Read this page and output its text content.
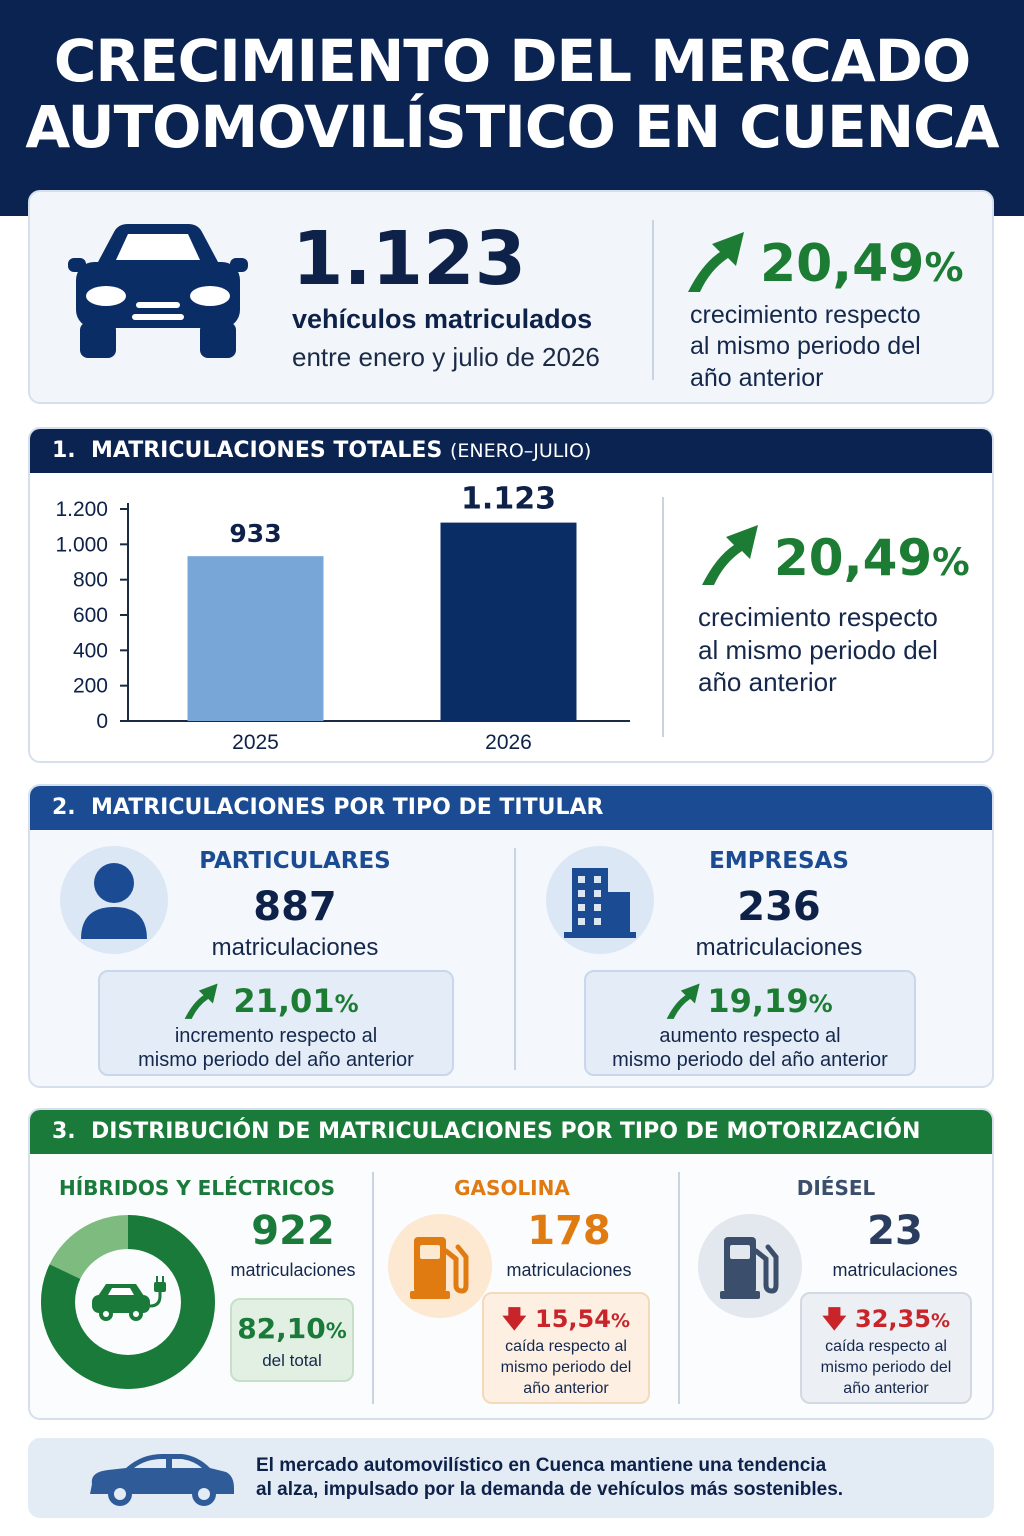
CRECIMIENTO DEL MERCADO
AUTOMOVILÍSTICO EN CUENCA
1.123
vehículos matriculados
entre enero y julio de 2026
20,49%
crecimiento respecto
al mismo periodo del
año anterior
1. MATRICULACIONES TOTALES (ENERO–JULIO)
0
200
400
600
800
1.000
1.200
933
2025
1.123
2026
20,49%
crecimiento respecto
al mismo periodo del
año anterior
2. MATRICULACIONES POR TIPO DE TITULAR
PARTICULARES
887
matriculaciones
21,01%
incremento respecto al
mismo periodo del año anterior
EMPRESAS
236
matriculaciones
19,19%
aumento respecto al
mismo periodo del año anterior
3. DISTRIBUCIÓN DE MATRICULACIONES POR TIPO DE MOTORIZACIÓN
HÍBRIDOS Y ELÉCTRICOS
922
matriculaciones
82,10%
del total
GASOLINA
178
matriculaciones
🡇 15,54%
caída respecto al
mismo periodo del
año anterior
DIÉSEL
23
matriculaciones
🡇 32,35%
caída respecto al
mismo periodo del
año anterior
El mercado automovilístico en Cuenca mantiene una tendencia
al alza, impulsado por la demanda de vehículos más sostenibles.
